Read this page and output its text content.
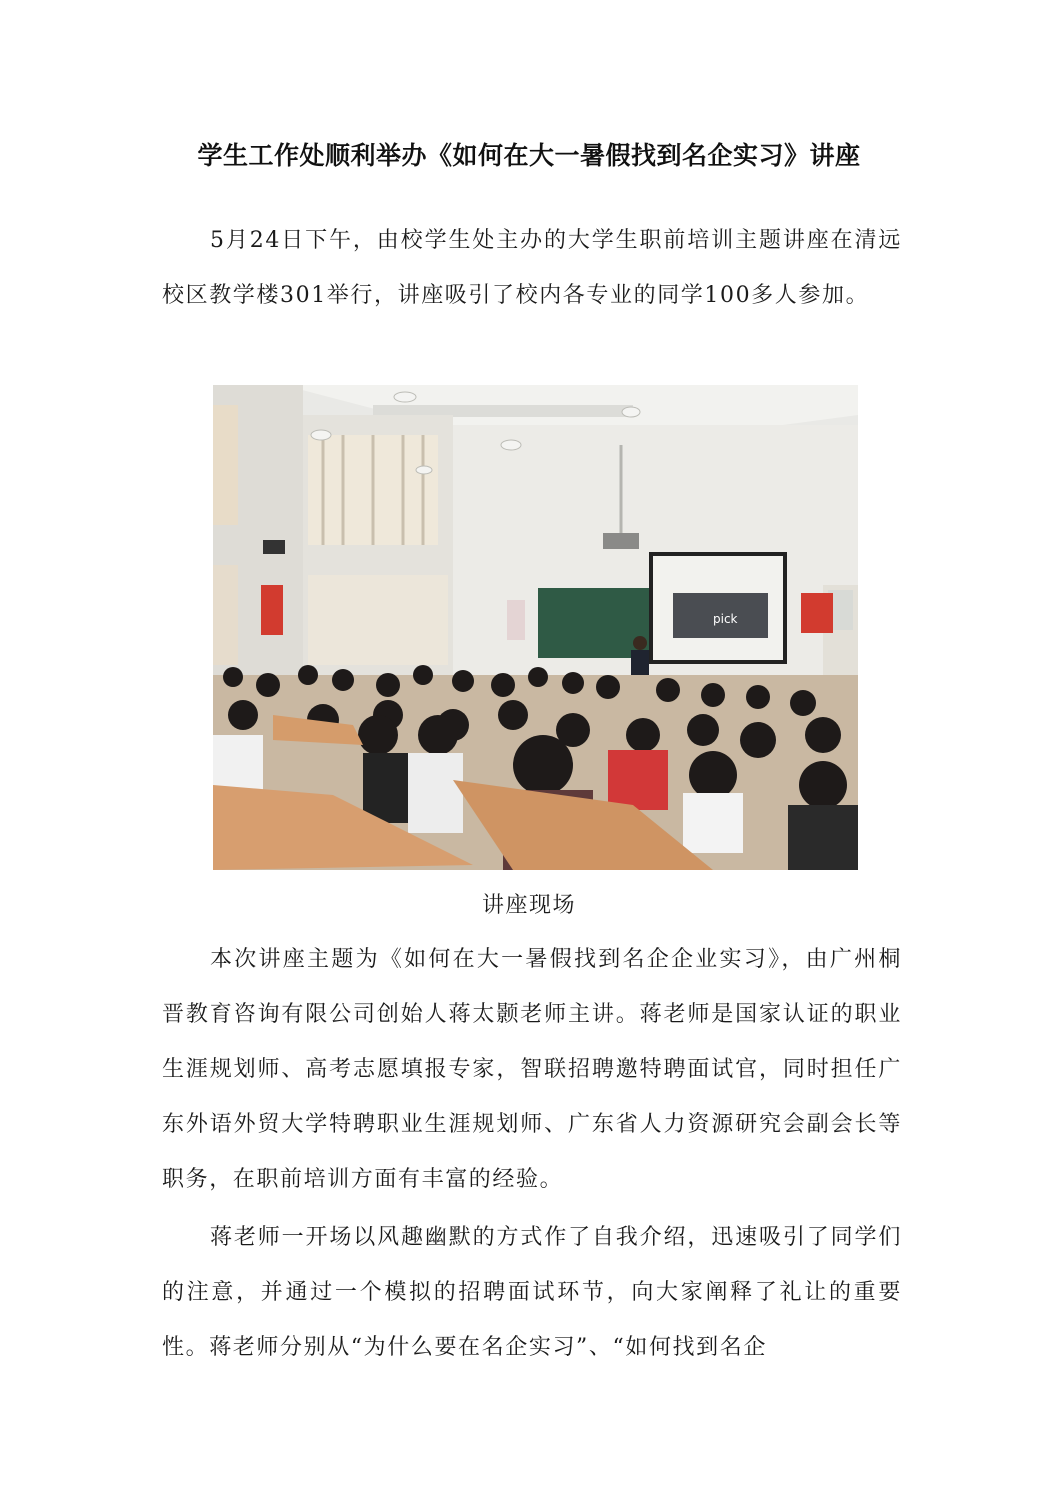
学生工作处顺利举办《如何在大一暑假找到名企实习》讲座

5月24日下午，由校学生处主办的大学生职前培训主题讲座在清远校区教学楼301举行，讲座吸引了校内各专业的同学100多人参加。

pick
讲座现场

本次讲座主题为《如何在大一暑假找到名企企业实习》，由广州桐晋教育咨询有限公司创始人蒋太颢老师主讲。蒋老师是国家认证的职业生涯规划师、高考志愿填报专家，智联招聘邀特聘面试官，同时担任广东外语外贸大学特聘职业生涯规划师、广东省人力资源研究会副会长等职务，在职前培训方面有丰富的经验。

蒋老师一开场以风趣幽默的方式作了自我介绍，迅速吸引了同学们的注意，并通过一个模拟的招聘面试环节，向大家阐释了礼让的重要性。蒋老师分别从“为什么要在名企实习”、“如何找到名企
